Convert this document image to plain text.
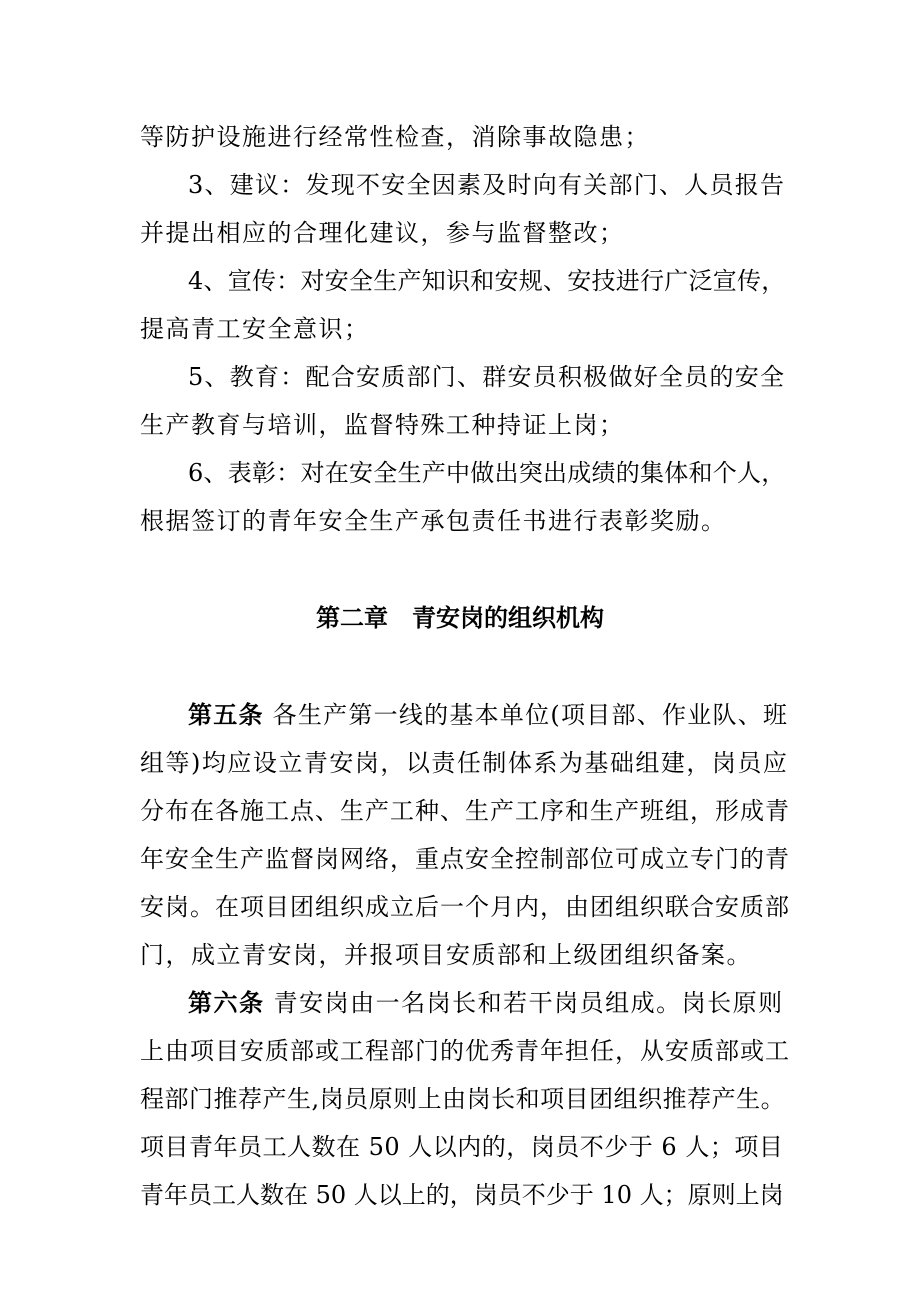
等防护设施进行经常性检查，消除事故隐患；
3、建议：发现不安全因素及时向有关部门、人员报告
并提出相应的合理化建议，参与监督整改；
4、宣传：对安全生产知识和安规、安技进行广泛宣传，
提高青工安全意识；
5、教育：配合安质部门、群安员积极做好全员的安全
生产教育与培训，监督特殊工种持证上岗；
6、表彰：对在安全生产中做出突出成绩的集体和个人，
根据签订的青年安全生产承包责任书进行表彰奖励。
第二章　青安岗的组织机构
第五条 各生产第一线的基本单位(项目部、作业队、班
组等)均应设立青安岗，以责任制体系为基础组建，岗员应
分布在各施工点、生产工种、生产工序和生产班组，形成青
年安全生产监督岗网络，重点安全控制部位可成立专门的青
安岗。在项目团组织成立后一个月内，由团组织联合安质部
门，成立青安岗，并报项目安质部和上级团组织备案。
第六条 青安岗由一名岗长和若干岗员组成。岗长原则
上由项目安质部或工程部门的优秀青年担任，从安质部或工
程部门推荐产生,岗员原则上由岗长和项目团组织推荐产生。
项目青年员工人数在 50 人以内的，岗员不少于 6 人；项目
青年员工人数在 50 人以上的，岗员不少于 10 人；原则上岗
